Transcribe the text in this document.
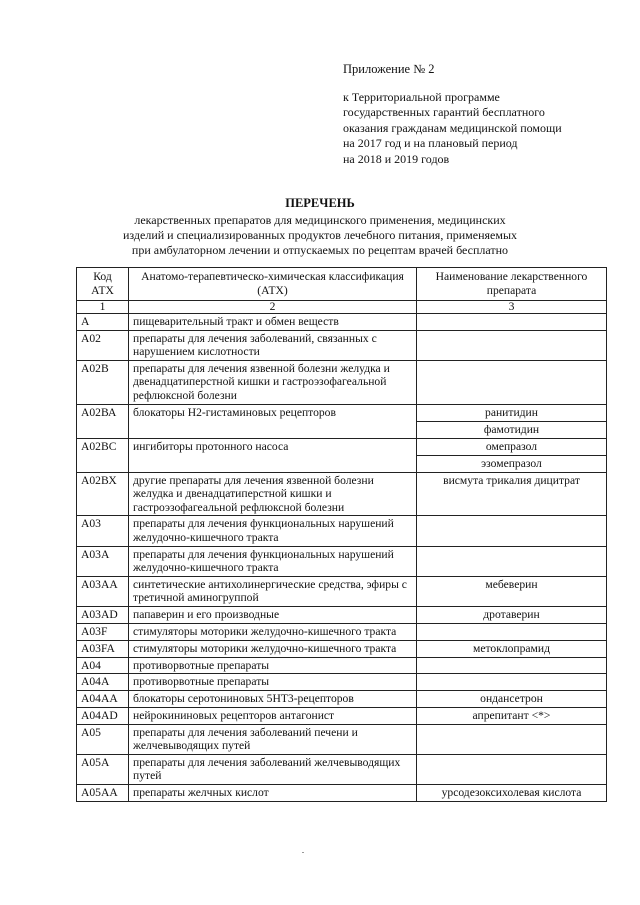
Приложение № 2
к Территориальной программе
государственных гарантий бесплатного
оказания гражданам медицинской помощи
на 2017 год и на плановый период
на 2018 и 2019 годов
ПЕРЕЧЕНЬ
лекарственных препаратов для медицинского применения, медицинских
изделий и специализированных продуктов лечебного питания, применяемых
при амбулаторном лечении и отпускаемых по рецептам врачей бесплатно
Код АТХ	Анатомо-терапевтическо-химическая классификация (АТХ)	Наименование лекарственного препарата
1	2	3
А	пищеварительный тракт и обмен веществ	
А02	препараты для лечения заболеваний, связанных с нарушением кислотности	
А02В	препараты для лечения язвенной болезни желудка и двенадцатиперстной кишки и гастроэзофагеальной рефлюксной болезни	
А02ВА	блокаторы Н2-гистаминовых рецепторов	ранитидин
фамотидин

А02ВС	ингибиторы протонного насоса	омепразол
эзомепразол

А02ВХ	другие препараты для лечения язвенной болезни желудка и двенадцатиперстной кишки и гастроэзофагеальной рефлюксной болезни	висмута трикалия дицитрат

А03	препараты для лечения функциональных нарушений желудочно-кишечного тракта	
А03А	препараты для лечения функциональных нарушений желудочно-кишечного тракта	
А03АА	синтетические антихолинергические средства, эфиры с третичной аминогруппой	мебеверин

А03AD	папаверин и его производные	дротаверин

А03F	стимуляторы моторики желудочно-кишечного тракта	
А03FA	стимуляторы моторики желудочно-кишечного тракта	метоклопрамид

А04	противорвотные препараты	
А04А	противорвотные препараты	
А04АА	блокаторы серотониновых 5НТ3-рецепторов	ондансетрон

А04AD	нейрокининовых рецепторов антагонист	апрепитант <*>

А05	препараты для лечения заболеваний печени и желчевыводящих путей	
А05А	препараты для лечения заболеваний желчевыводящих путей	
А05АА	препараты желчных кислот	урсодезоксихолевая кислота
